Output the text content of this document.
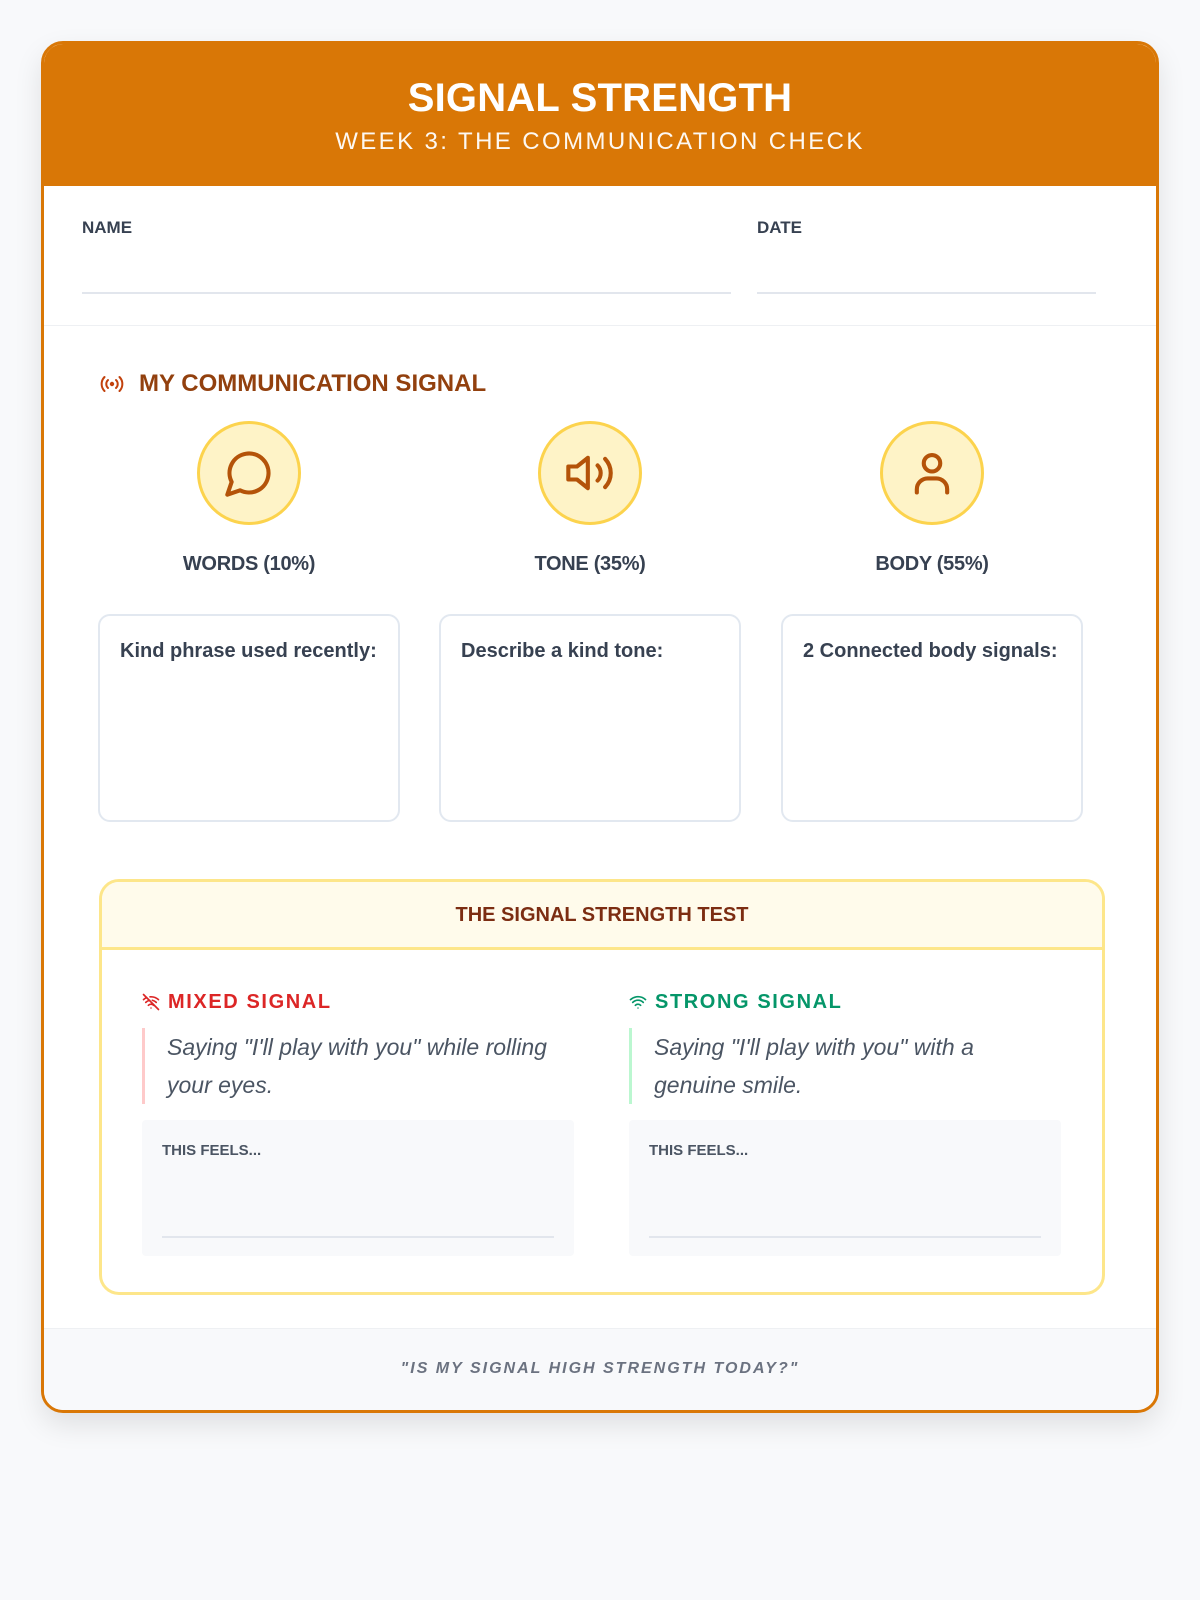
SIGNAL STRENGTH
WEEK 3: THE COMMUNICATION CHECK
NAME	DATE
MY COMMUNICATION SIGNAL
WORDS (10%)	TONE (35%)	BODY (55%)
Kind phrase used recently:	Describe a kind tone:	2 Connected body signals:
THE SIGNAL STRENGTH TEST
MIXED SIGNAL
Saying "I'll play with you" while rolling your eyes.
THIS FEELS...
STRONG SIGNAL
Saying "I'll play with you" with a genuine smile.
THIS FEELS...
"IS MY SIGNAL HIGH STRENGTH TODAY?"
